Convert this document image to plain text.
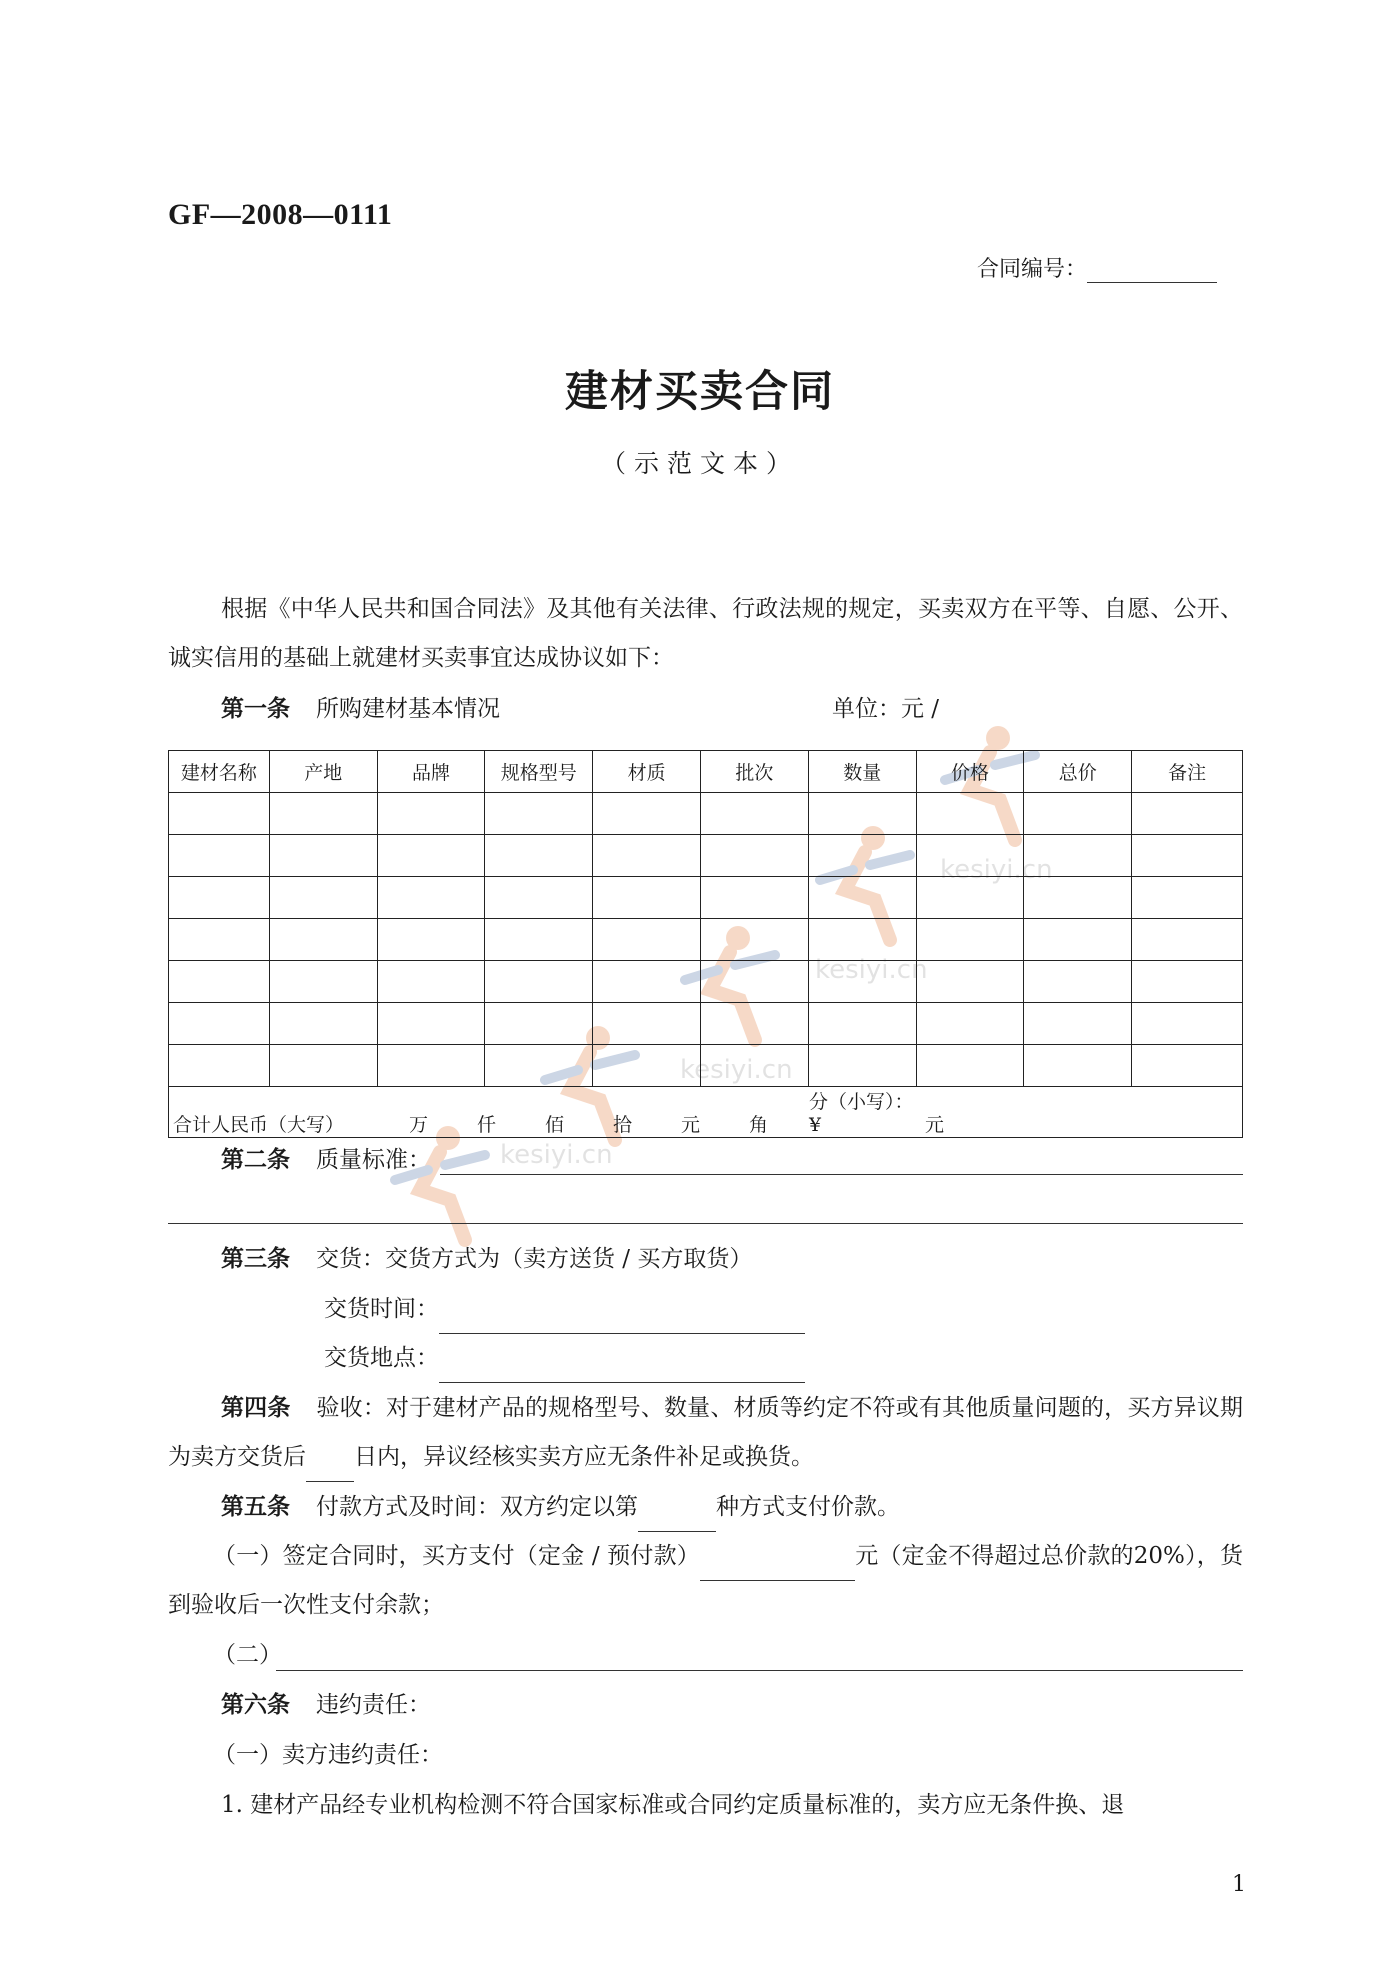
kesiyi.cn
kesiyi.cn
kesiyi.cn
kesiyi.cn
GF—2008—0111
合同编号：
建材买卖合同
（示范文本）
根据《中华人民共和国合同法》及其他有关法律、行政法规的规定，买卖双方在平等、自愿、公开、诚实信用的基础上就建材买卖事宜达成协议如下：
第一条 所购建材基本情况	单位：元 /
建材名称	产地	品牌	规格型号	材质	批次	数量	价格	总价	备注

合计人民币（大写） 万 仟 佰 拾 元 角分（小写）：¥ 元									
第二条 质量标准：
第三条 交货：交货方式为（卖方送货 / 买方取货）
交货时间：
交货地点：
第四条 验收：对于建材产品的规格型号、数量、材质等约定不符或有其他质量问题的，买方异议期为卖方交货后 日内，异议经核实卖方应无条件补足或换货。
第五条 付款方式及时间：双方约定以第	种方式支付价款。
（一）签定合同时，买方支付（定金 / 预付款）	元（定金不得超过总价款的20%），货到验收后一次性支付余款；
（二）
第六条 违约责任：
（一）卖方违约责任：
1. 建材产品经专业机构检测不符合国家标准或合同约定质量标准的，卖方应无条件换、退
1
